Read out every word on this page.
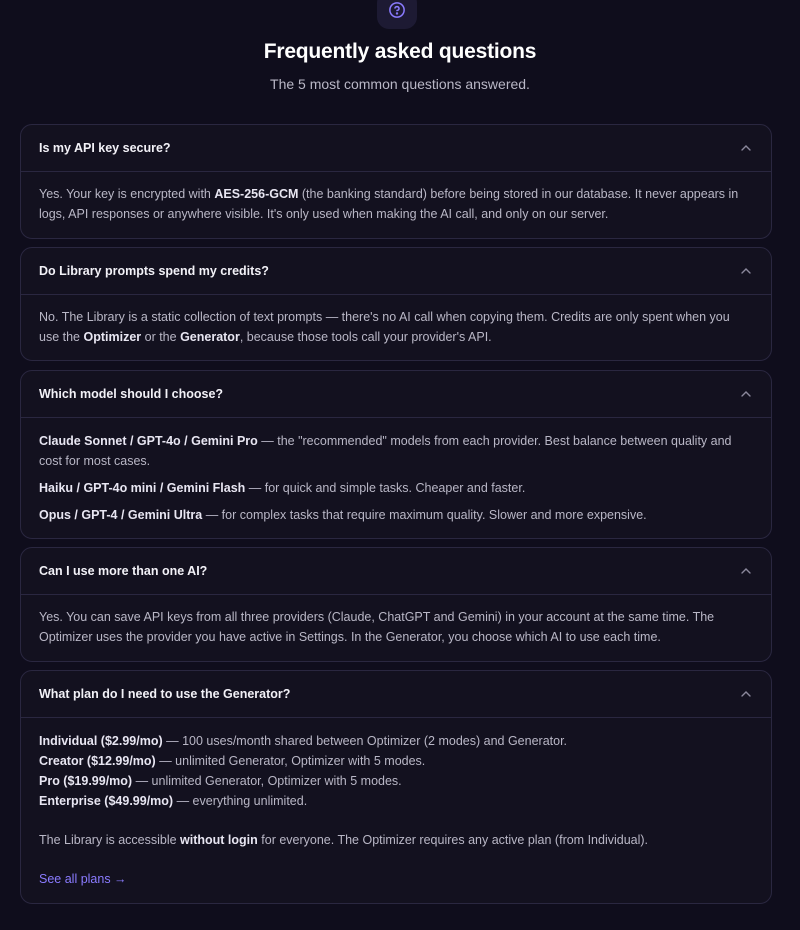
Frequently asked questions

The 5 most common questions answered.

Is my API key secure?

Yes. Your key is encrypted with AES-256-GCM (the banking standard) before being stored in our database. It never appears in logs, API responses or anywhere visible. It's only used when making the AI call, and only on our server.

Do Library prompts spend my credits?

No. The Library is a static collection of text prompts — there's no AI call when copying them. Credits are only spent when you use the Optimizer or the Generator, because those tools call your provider's API.

Which model should I choose?

Claude Sonnet / GPT-4o / Gemini Pro — the "recommended" models from each provider. Best balance between quality and cost for most cases.

Haiku / GPT-4o mini / Gemini Flash — for quick and simple tasks. Cheaper and faster.

Opus / GPT-4 / Gemini Ultra — for complex tasks that require maximum quality. Slower and more expensive.

Can I use more than one AI?

Yes. You can save API keys from all three providers (Claude, ChatGPT and Gemini) in your account at the same time. The Optimizer uses the provider you have active in Settings. In the Generator, you choose which AI to use each time.

What plan do I need to use the Generator?

Individual ($2.99/mo) — 100 uses/month shared between Optimizer (2 modes) and Generator.

Creator ($12.99/mo) — unlimited Generator, Optimizer with 5 modes.

Pro ($19.99/mo) — unlimited Generator, Optimizer with 5 modes.

Enterprise ($49.99/mo) — everything unlimited.

The Library is accessible without login for everyone. The Optimizer requires any active plan (from Individual).

See all plans →
